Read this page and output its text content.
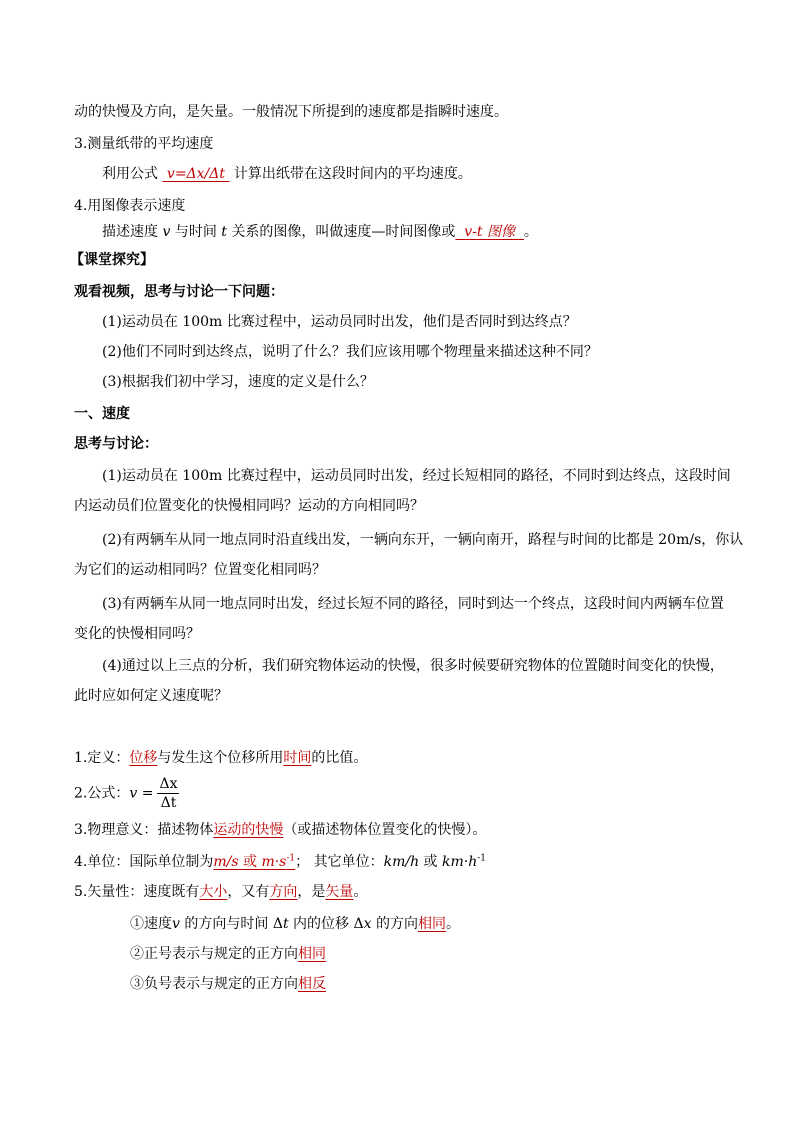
动的快慢及方向，是矢量。一般情况下所提到的速度都是指瞬时速度。
3.测量纸带的平均速度
利用公式 v=Δx/Δt 计算出纸带在这段时间内的平均速度。
4.用图像表示速度
描述速度 v 与时间 t 关系的图像，叫做速度—时间图像或 v-t 图像 。
【课堂探究】
观看视频，思考与讨论一下问题：
(1)运动员在 100m 比赛过程中，运动员同时出发，他们是否同时到达终点？
(2)他们不同时到达终点，说明了什么？我们应该用哪个物理量来描述这种不同？
(3)根据我们初中学习，速度的定义是什么？
一、速度
思考与讨论：
(1)运动员在 100m 比赛过程中，运动员同时出发，经过长短相同的路径，不同时到达终点，这段时间
内运动员们位置变化的快慢相同吗？运动的方向相同吗？
(2)有两辆车从同一地点同时沿直线出发，一辆向东开，一辆向南开，路程与时间的比都是 20m/s，你认
为它们的运动相同吗？位置变化相同吗？
(3)有两辆车从同一地点同时出发，经过长短不同的路径，同时到达一个终点，这段时间内两辆车位置
变化的快慢相同吗？
(4)通过以上三点的分析，我们研究物体运动的快慢，很多时候要研究物体的位置随时间变化的快慢，
此时应如何定义速度呢？
1.定义：位移与发生这个位移所用时间的比值。
2.公式：$v = \frac{\Delta x}{\Delta t}$
3.物理意义：描述物体运动的快慢（或描述物体位置变化的快慢）。
4.单位：国际单位制为m/s 或 $m\cdot s^{-1}$； 其它单位：km/h 或 $km\cdot h^{-1}$
5.矢量性：速度既有大小，又有方向，是矢量。
①速度v 的方向与时间 Δt 内的位移 Δx 的方向相同。
②正号表示与规定的正方向相同
③负号表示与规定的正方向相反
